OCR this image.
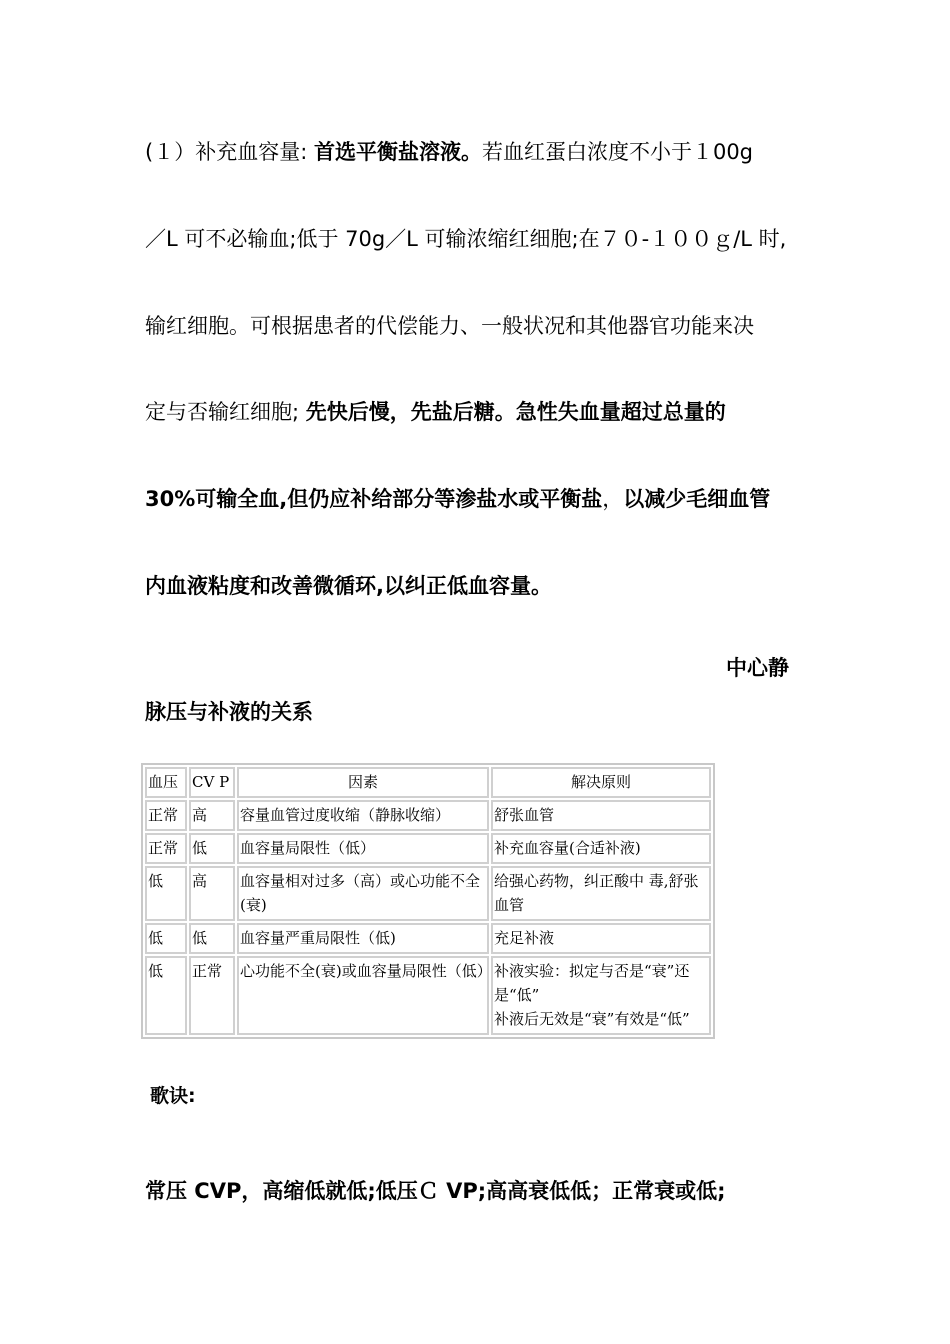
(１）补充血容量: 首选平衡盐溶液。若血红蛋白浓度不小于１00g
／L 可不必输血;低于 70g／L 可输浓缩红细胞;在７０-１００ｇ/L 时,
输红细胞。可根据患者的代偿能力、一般状况和其他器官功能来决
定与否输红细胞; 先快后慢，先盐后糖。急性失血量超过总量的
30%可输全血,但仍应补给部分等渗盐水或平衡盐，以减少毛细血管
内血液粘度和改善微循环,以纠正低血容量。
中心静
脉压与补液的关系
血压	CV P	因素	解决原则
正常	高	容量血管过度收缩（静脉收缩）	舒张血管
正常	低	血容量局限性（低）	补充血容量(合适补液)
低	高	血容量相对过多（高）或心功能不全(衰)	给强心药物，纠正酸中 毒,舒张血管
低	低	血容量严重局限性（低)	充足补液
低	正常	心功能不全(衰)或血容量局限性（低）	补液实验：拟定与否是“衰”还是“低”
补液后无效是“衰”有效是“低”
歌诀:
常压 CVP，高缩低就低;低压Ｃ VP;高高衰低低；正常衰或低;
